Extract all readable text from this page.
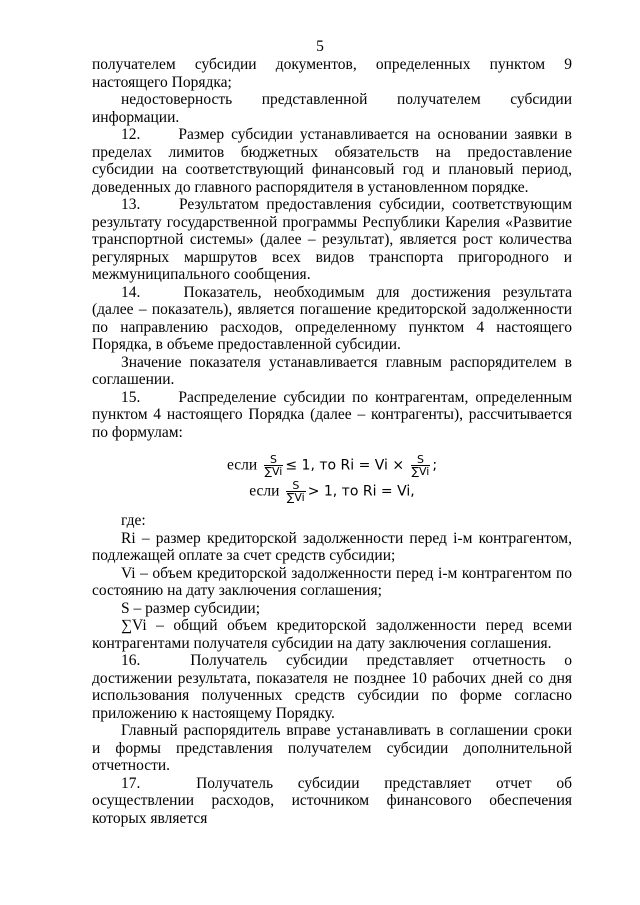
5

получателем субсидии документов, определенных пунктом 9 настоящего Порядка;

недостоверность представленной получателем субсидии информации.

12.   Размер субсидии устанавливается на основании заявки в пределах лимитов бюджетных обязательств на предоставление субсидии на соответствующий финансовый год и плановый период, доведенных до главного распорядителя в установленном порядке.

13.   Результатом предоставления субсидии, соответствующим результату государственной программы Республики Карелия «Развитие транспортной системы» (далее – результат), является рост количества регулярных маршрутов всех видов транспорта пригородного и межмуниципального сообщения.

14.  	Показатель, необходимым для достижения результата (далее – показатель), является погашение кредиторской задолженности по направлению расходов, определенному пунктом 4 настоящего Порядка, в объеме предоставленной субсидии.

Значение показателя устанавливается главным распорядителем в соглашении.

15.   Распределение субсидии по контрагентам, определенным пунктом 4 настоящего Порядка (далее – контрагенты), рассчитывается по формулам:

если $\frac{S}{\sum Vi} \le 1$, то $Ri = Vi \times \frac{S}{\sum Vi}$ ;
если $\frac{S}{\sum Vi} > 1$, то Ri = Vi,

где:

Ri – размер кредиторской задолженности перед i-м контрагентом, подлежащей оплате за счет средств субсидии;

Vi – объем кредиторской задолженности перед i-м контрагентом по состоянию на дату заключения соглашения;

S – размер субсидии;

∑Vi – общий объем кредиторской задолженности перед всеми контрагентами получателя субсидии на дату заключения соглашения.

16.  	Получатель субсидии представляет отчетность о достижении результата, показателя не позднее 10 рабочих дней со дня использования полученных средств субсидии по форме согласно приложению к настоящему Порядку.

Главный распорядитель вправе устанавливать в соглашении сроки и формы представления получателем субсидии дополнительной отчетности.

17.  	Получатель субсидии представляет отчет об осуществлении расходов, источником финансового обеспечения которых является
